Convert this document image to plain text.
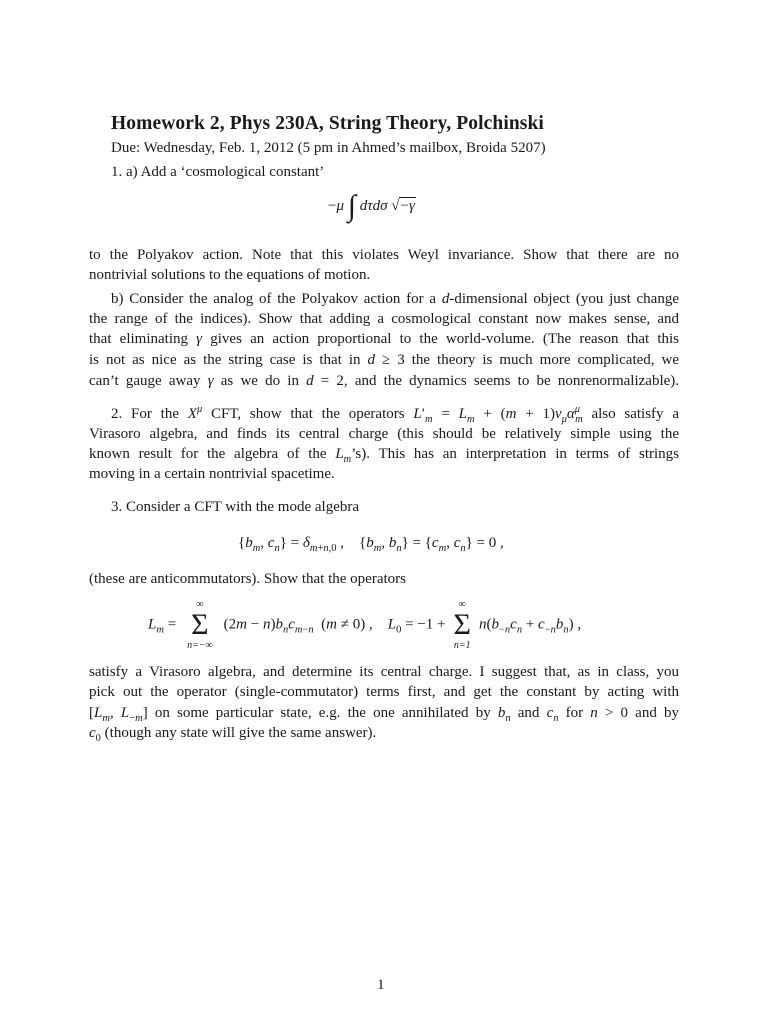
Homework 2, Phys 230A, String Theory, Polchinski
Due: Wednesday, Feb. 1, 2012 (5 pm in Ahmed’s mailbox, Broida 5207)
1. a) Add a ‘cosmological constant’
−μ ∫ dτdσ √−γ
to the Polyakov action. Note that this violates Weyl invariance. Show that there are no
nontrivial solutions to the equations of motion.
b) Consider the analog of the Polyakov action for a d-dimensional object (you just change
the range of the indices). Show that adding a cosmological constant now makes sense, and
that eliminating γ gives an action proportional to the world-volume. (The reason that this
is not as nice as the string case is that in d ≥ 3 the theory is much more complicated, we
can’t gauge away γ as we do in d = 2, and the dynamics seems to be nonrenormalizable).
2. For the $X^\mu$ CFT, show that the operators $L'_m = L_m + (m + 1)v_\mu\alpha^\mu_m$ also satisfy a
Virasoro algebra, and finds its central charge (this should be relatively simple using the
known result for the algebra of the $L_m’s$). This has an interpretation in terms of strings
moving in a certain nontrivial spacetime.
3. Consider a CFT with the mode algebra
{$b_m$, $c_n\} = \delta_{m+n,0}$ ,    {$b_m$, $b_n\} = \{c_m$, $c_n\} = 0$ ,
(these are anticommutators). Show that the operators
$L_m$ =
∞
Σ
n=−∞
$(2m - n)b_nc_{m-n}$  (m ≠ 0) ,    $L_0 = -1$ +
∞
Σ
n=1
$n(b_{-n}c_n + c_{-n}b_n)$ ,
satisfy a Virasoro algebra, and determine its central charge. I suggest that, as in class, you
pick out the operator (single-commutator) terms first, and get the constant by acting with
[$L_m$, $L_{-m}$] on some particular state, e.g. the one annihilated by $b_n$ and $c_n$ for n > 0 and by
$c_0$ (though any state will give the same answer).
1
